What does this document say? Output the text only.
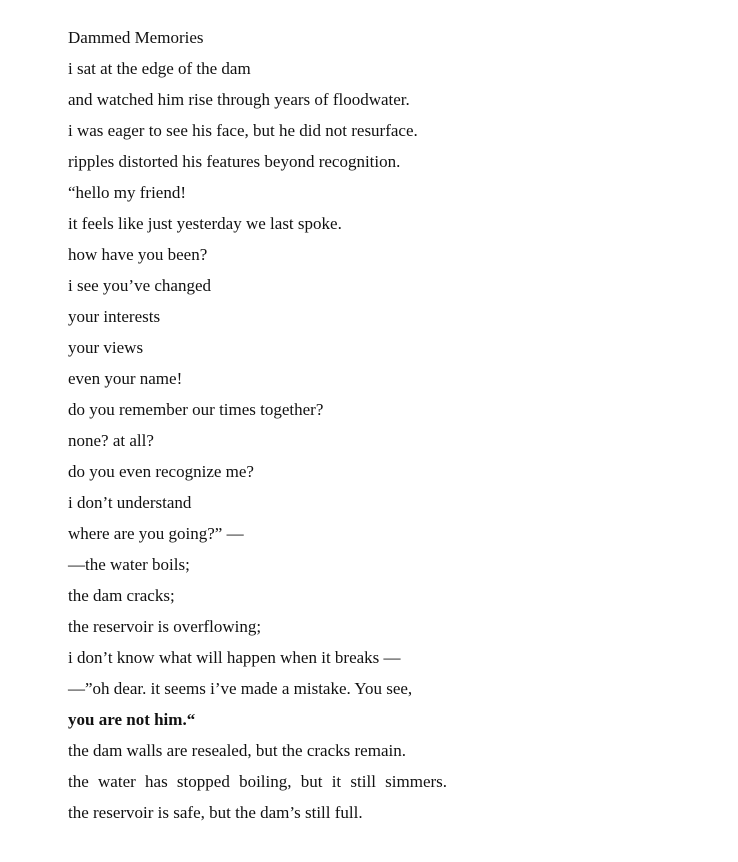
Dammed Memories
i sat at the edge of the dam
and watched him rise through years of floodwater.
i was eager to see his face, but he did not resurface.
ripples distorted his features beyond recognition.
“hello my friend!
it feels like just yesterday we last spoke.
how have you been?
i see you’ve changed
your interests
your views
even your name!
do you remember our times together?
none? at all?
do you even recognize me?
i don’t understand
where are you going?” —
—the water boils;
the dam cracks;
the reservoir is overflowing;
i don’t know what will happen when it breaks —
—”oh dear. it seems i’ve made a mistake. You see,
you are not him.“
the dam walls are resealed, but the cracks remain.
the water has stopped boiling, but it still simmers.
the reservoir is safe, but the dam’s still full.
